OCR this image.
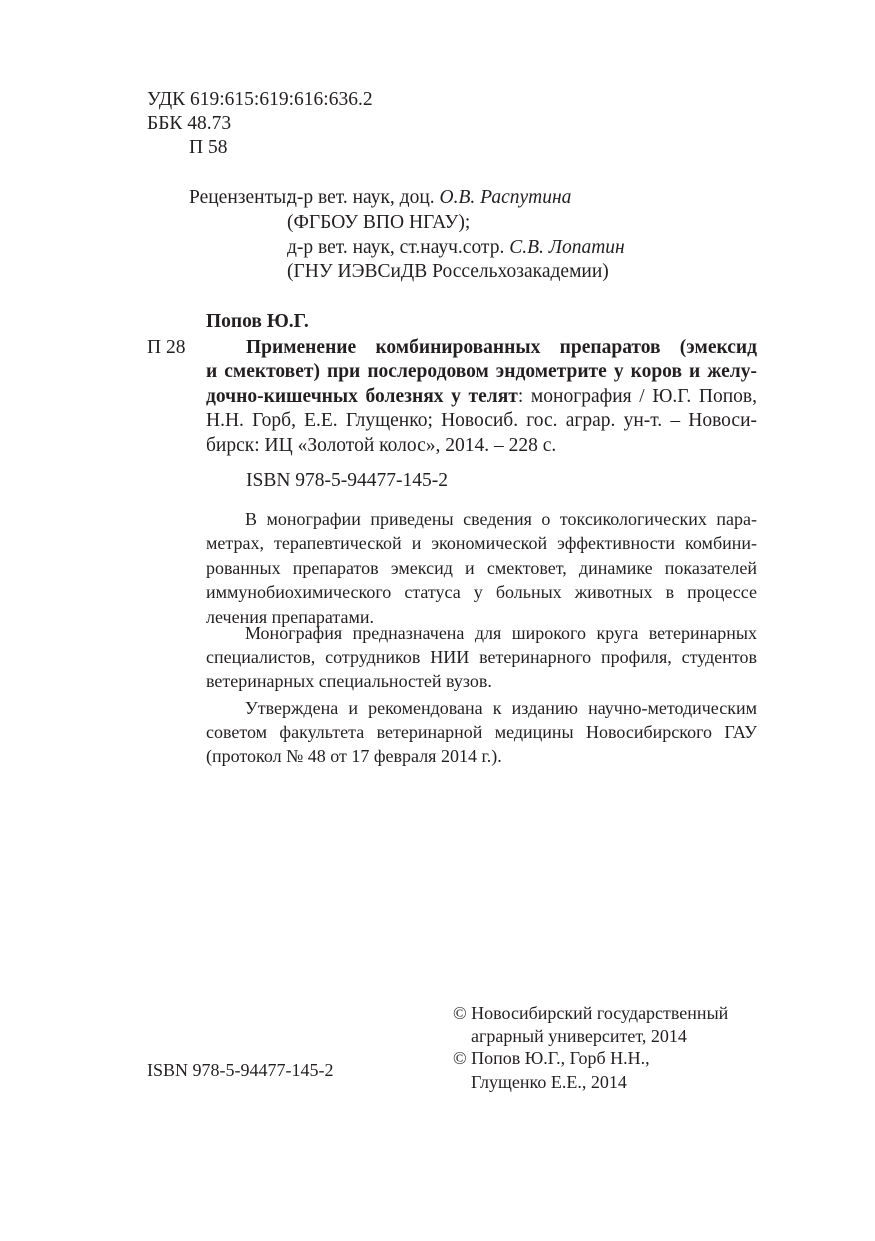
УДК 619:615:619:616:636.2
ББК 48.73
П 58
Рецензенты:
д-р вет. наук, доц. О.В. Распутина
(ФГБОУ ВПО НГАУ);
д-р вет. наук, ст.науч.сотр. С.В. Лопатин
(ГНУ ИЭВСиДВ Россельхозакадемии)
Попов Ю.Г.
П 28	Применение комбинированных препаратов (эмексид
и смектовет) при послеродовом эндометрите у коров и желу-
дочно-кишечных болезнях у телят: монография / Ю.Г. Попов,
Н.Н. Горб, Е.Е. Глущенко; Новосиб. гос. аграр. ун-т. – Новоси-
бирск: ИЦ «Золотой колос», 2014. – 228 с.
ISBN 978-5-94477-145-2
В монографии приведены сведения о токсикологических пара-
метрах, терапевтической и экономической эффективности комбини-
рованных препаратов эмексид и смектовет, динамике показателей
иммунобиохимического статуса у больных животных в процессе
лечения препаратами.
Монография предназначена для широкого круга ветеринарных
специалистов, сотрудников НИИ ветеринарного профиля, студентов
ветеринарных специальностей вузов.
Утверждена и рекомендована к изданию научно-методическим
советом факультета ветеринарной медицины Новосибирского ГАУ
(протокол № 48 от 17 февраля 2014 г.).
© Новосибирский государственный
аграрный университет, 2014
© Попов Ю.Г., Горб Н.Н.,
Глущенко Е.Е., 2014
ISBN 978-5-94477-145-2
